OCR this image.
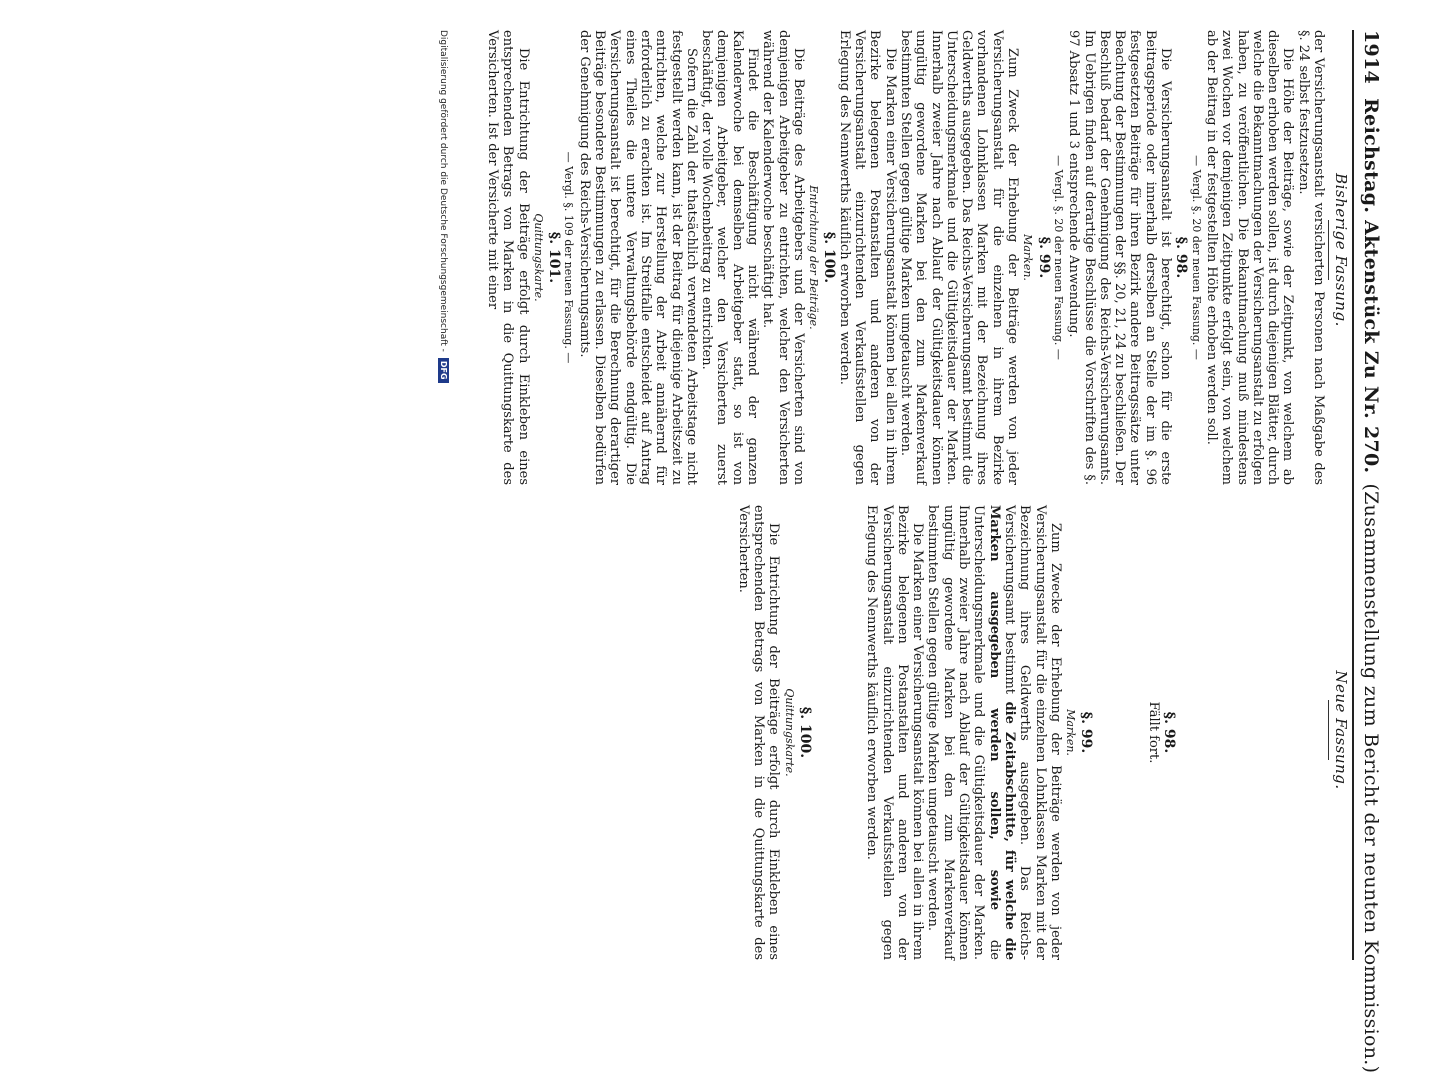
1914
Reichstag. Aktenstück Zu Nr. 270.
(Zusammenstellung zum Bericht der neunten Kommission.)
Bisherige Fassung.

der Versicherungsanstalt versicherten Personen nach Maßgabe des §. 24 selbst festzusetzen.

Die Höhe der Beiträge, sowie der Zeitpunkt, von welchem ab dieselben erhoben werden sollen, ist durch diejenigen Blätter, durch welche die Bekanntmachungen der Versicherungsanstalt zu erfolgen haben, zu veröffentlichen. Die Bekanntmachung muß mindestens zwei Wochen vor demjenigen Zeitpunkte erfolgt sein, von welchem ab der Beitrag in der festgestellten Höhe erhoben werden soll.

— Vergl. §. 20 der neuen Fassung. —

§. 98.

Die Versicherungsanstalt ist berechtigt, schon für die erste Beitragsperiode oder innerhalb derselben an Stelle der im §. 96 festgesetzten Beiträge für ihren Bezirk andere Beitragssätze unter Beachtung der Bestimmungen der §§. 20, 21, 24 zu beschließen. Der Beschluß bedarf der Genehmigung des Reichs-Versicherungsamts. Im Uebrigen finden auf derartige Beschlüsse die Vorschriften des §. 97 Absatz 1 und 3 entsprechende Anwendung.

— Vergl. §. 20 der neuen Fassung. —

§. 99.

Marken.

Zum Zweck der Erhebung der Beiträge werden von jeder Versicherungsanstalt für die einzelnen in ihrem Bezirke vorhandenen Lohnklassen Marken mit der Bezeichnung ihres Geldwerths ausgegeben. Das Reichs-Versicherungsamt bestimmt die Unterscheidungsmerkmale und die Gültigkeitsdauer der Marken. Innerhalb zweier Jahre nach Ablauf der Gültigkeitsdauer können ungültig gewordene Marken bei den zum Markenverkauf bestimmten Stellen gegen gültige Marken umgetauscht werden.

Die Marken einer Versicherungsanstalt können bei allen in ihrem Bezirke belegenen Postanstalten und anderen von der Versicherungsanstalt einzurichtenden Verkaufsstellen gegen Erlegung des Nennwerths käuflich erworben werden.

§. 100.

Entrichtung der Beiträge.

Die Beiträge des Arbeitgebers und der Versicherten sind von demjenigen Arbeitgeber zu entrichten, welcher den Versicherten während der Kalenderwoche beschäftigt hat.

Findet die Beschäftigung nicht während der ganzen Kalenderwoche bei demselben Arbeitgeber statt, so ist von demjenigen Arbeitgeber, welcher den Versicherten zuerst beschäftigt, der volle Wochenbeitrag zu entrichten.

Sofern die Zahl der thatsächlich verwendeten Arbeitstage nicht festgestellt werden kann, ist der Beitrag für diejenige Arbeitszeit zu entrichten, welche zur Herstellung der Arbeit annähernd für erforderlich zu erachten ist. Im Streitfalle entscheidet auf Antrag eines Theiles die untere Verwaltungsbehörde endgültig. Die Versicherungsanstalt ist berechtigt, für die Berechnung derartiger Beiträge besondere Bestimmungen zu erlassen. Dieselben bedürfen der Genehmigung des Reichs-Versicherungsamts.

— Vergl. §. 109 der neuen Fassung. —

§. 101.

Quittungskarte.

Die Entrichtung der Beiträge erfolgt durch Einkleben eines entsprechenden Betrags von Marken in die Quittungskarte des Versicherten. Ist der Versicherte mit einer

Neue Fassung.

§. 98.

Fällt fort.

§. 99.

Marken.

Zum Zwecke der Erhebung der Beiträge werden von jeder Versicherungsanstalt für die einzelnen Lohnklassen Marken mit der Bezeichnung ihres Geldwerths ausgegeben. Das Reichs-Versicherungsamt bestimmt die Zeitabschnitte, für welche die Marken ausgegeben werden sollen, sowie die Unterscheidungsmerkmale und die Gültigkeitsdauer der Marken. Innerhalb zweier Jahre nach Ablauf der Gültigkeitsdauer können ungültig gewordene Marken bei den zum Markenverkauf bestimmten Stellen gegen gültige Marken umgetauscht werden.

Die Marken einer Versicherungsanstalt können bei allen in ihrem Bezirke belegenen Postanstalten und anderen von der Versicherungsanstalt einzurichtenden Verkaufsstellen gegen Erlegung des Nennwerths käuflich erworben werden.

§. 100.

Quittungskarte.

Die Entrichtung der Beiträge erfolgt durch Einkleben eines entsprechenden Betrags von Marken in die Quittungskarte des Versicherten.

Digitalisierung gefördert durch die Deutsche Forschungsgemeinschaft -
DFG
